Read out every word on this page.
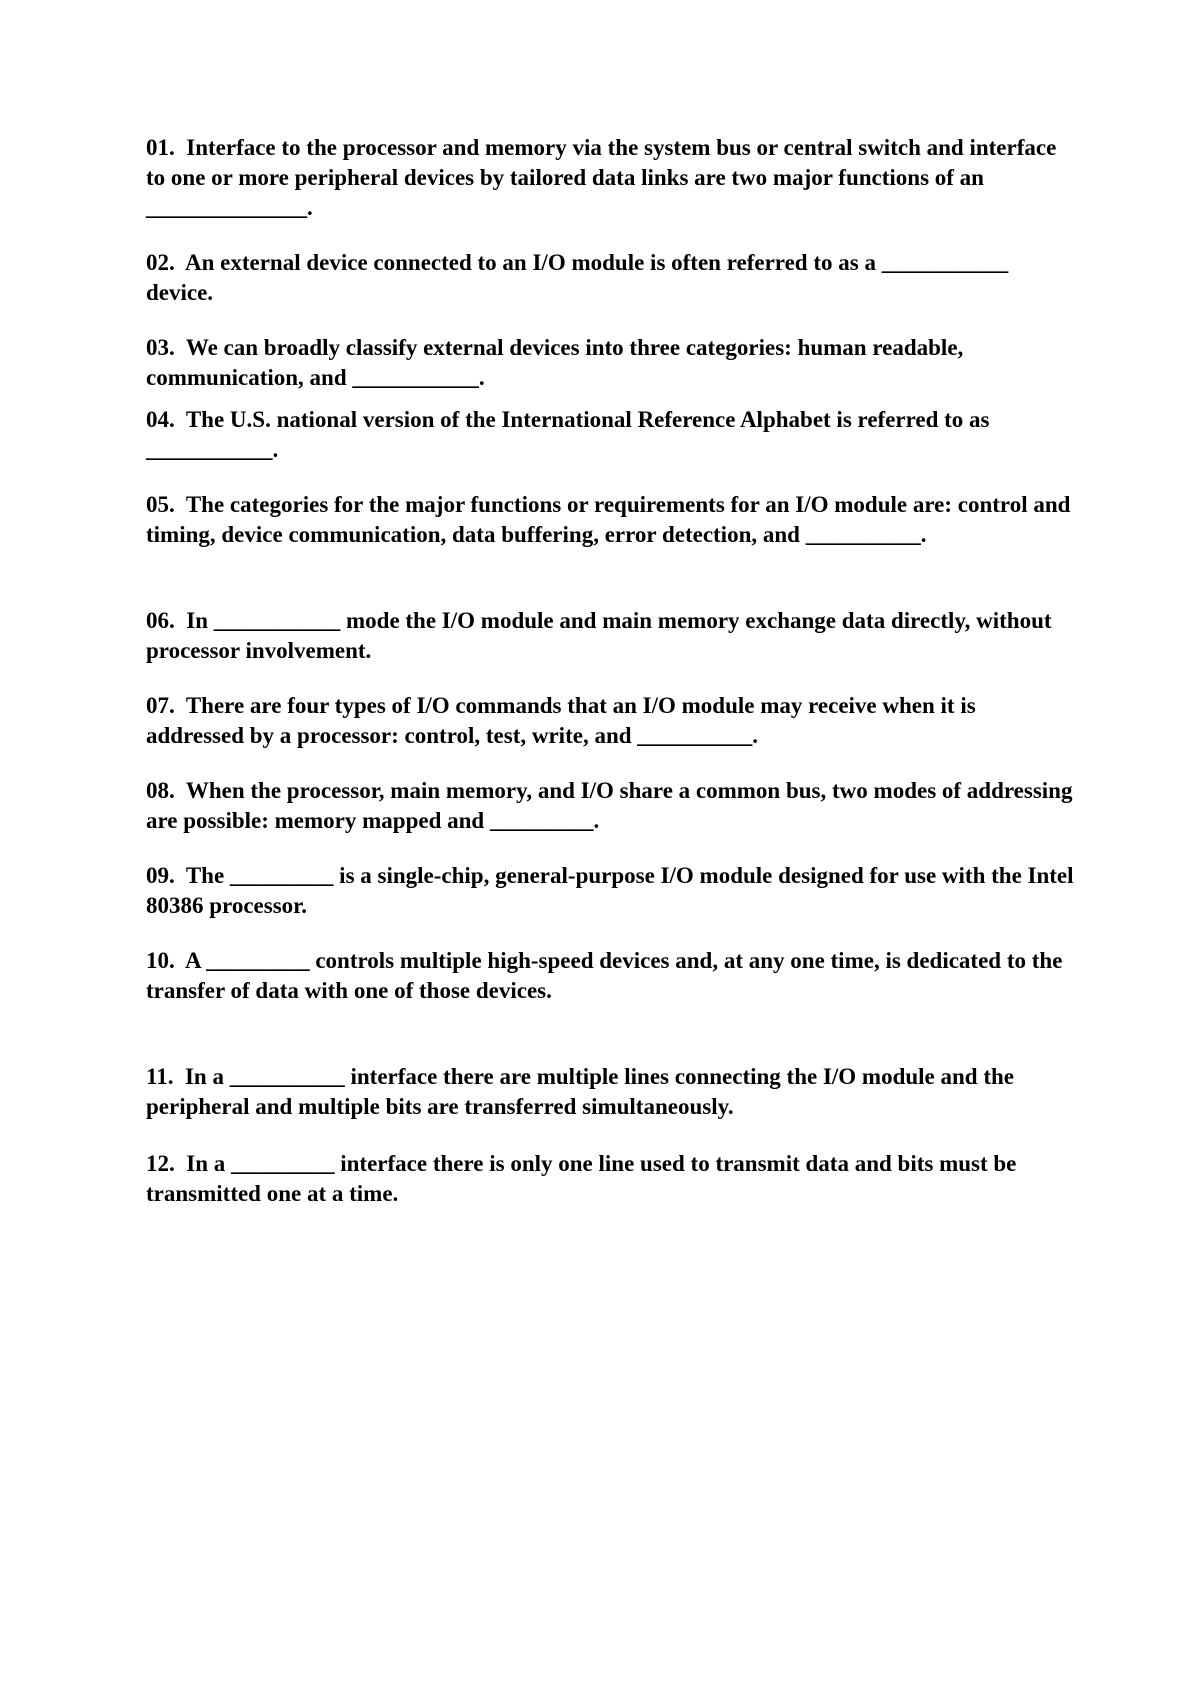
01. Interface to the processor and memory via the system bus or central switch and interface to one or more peripheral devices by tailored data links are two major functions of an ______________.

02. An external device connected to an I/O module is often referred to as a ___________ device.

03. We can broadly classify external devices into three categories: human readable, communication, and ___________.

04. The U.S. national version of the International Reference Alphabet is referred to as ___________.

05. The categories for the major functions or requirements for an I/O module are: control and timing, device communication, data buffering, error detection, and __________.

06. In ___________ mode the I/O module and main memory exchange data directly, without processor involvement.

07. There are four types of I/O commands that an I/O module may receive when it is addressed by a processor: control, test, write, and __________.

08. When the processor, main memory, and I/O share a common bus, two modes of addressing are possible: memory mapped and _________.

09. The _________ is a single-chip, general-purpose I/O module designed for use with the Intel 80386 processor.

10. A _________ controls multiple high-speed devices and, at any one time, is dedicated to the transfer of data with one of those devices.

11. In a __________ interface there are multiple lines connecting the I/O module and the peripheral and multiple bits are transferred simultaneously.

12. In a _________ interface there is only one line used to transmit data and bits must be transmitted one at a time.
